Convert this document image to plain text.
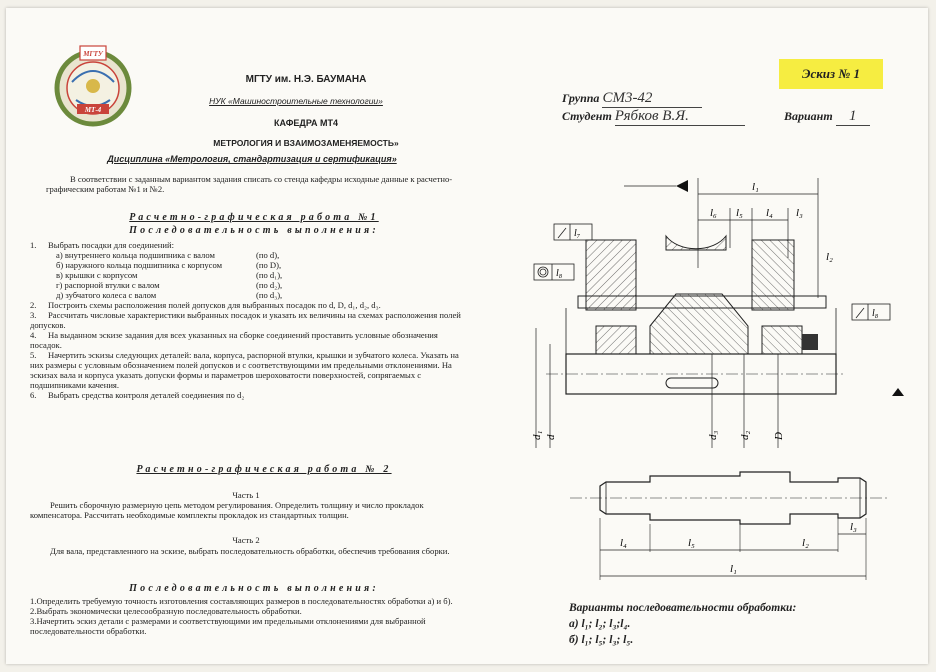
МГТУ
МТ-4
МГТУ им. Н.Э. БАУМАНА
НУК «Машиностроительные технологии»
КАФЕДРА МТ4
МЕТРОЛОГИЯ И ВЗАИМОЗАМЕНЯЕМОСТЬ»
Дисциплина «Метрология, стандартизация и сертификация»
В соответствии с заданным вариантом задания списать со стенда кафедры исходные данные к расчетно-графическим работам №1 и №2.
Расчетно-графическая работа №1
Последовательность выполнения:
1. Выбрать посадки для соединений:
а) внутреннего кольца подшипника с валом	(по d),
б) наружного кольца подшипника с корпусом	(по D),
в) крышки с корпусом	(по d₁),
г) распорной втулки с валом	(по d₂),
д) зубчатого колеса с валом	(по d₃),
2. Построить схемы расположения полей допусков для выбранных посадок по d, D, d₁, d₂, d₃.
3. Рассчитать числовые характеристики выбранных посадок и указать их величины на схемах расположения полей допусков.
4. На выданном эскизе задания для всех указанных на сборке соединений проставить условные обозначения посадок.
5. Начертить эскизы следующих деталей: вала, корпуса, распорной втулки, крышки и зубчатого колеса. Указать на них размеры с условным обозначением полей допусков и с соответствующими им предельными отклонениями. На эскизах вала и корпуса указать допуски формы и параметров шероховатости поверхностей, сопрягаемых с подшипниками качения.
6. Выбрать средства контроля деталей соединения по d₂
Расчетно-графическая работа № 2
Часть 1
Решить сборочную размерную цепь методом регулирования. Определить толщину и число прокладок компенсатора. Рассчитать необходимые комплекты прокладок из стандартных толщин.
Часть 2
Для вала, представленного на эскизе, выбрать последовательность обработки, обеспечив требования сборки.
Последовательность выполнения:
1.Определить требуемую точность изготовления составляющих размеров в последовательностях обработки а) и б).
2.Выбрать экономически целесообразную последовательность обработки.
3.Начертить эскиз детали с размерами и соответствующими им предельными отклонениями для выбранной последовательности обработки.
Эскиз № 1
Группа СМ3-42
Студент Рябков В.Я.	Вариант 1
l₁
l₆ l₅ l₄ l₃
l₂
l₇
l₈
l₈
d₁ d	d₃ d₂ D
l₄	l₅	l₂
l₃
l₁
Варианты последовательности обработки:
а) l₁; l₂; l₃;l₄.
б) l₁; l₅; l₃; l₅.
